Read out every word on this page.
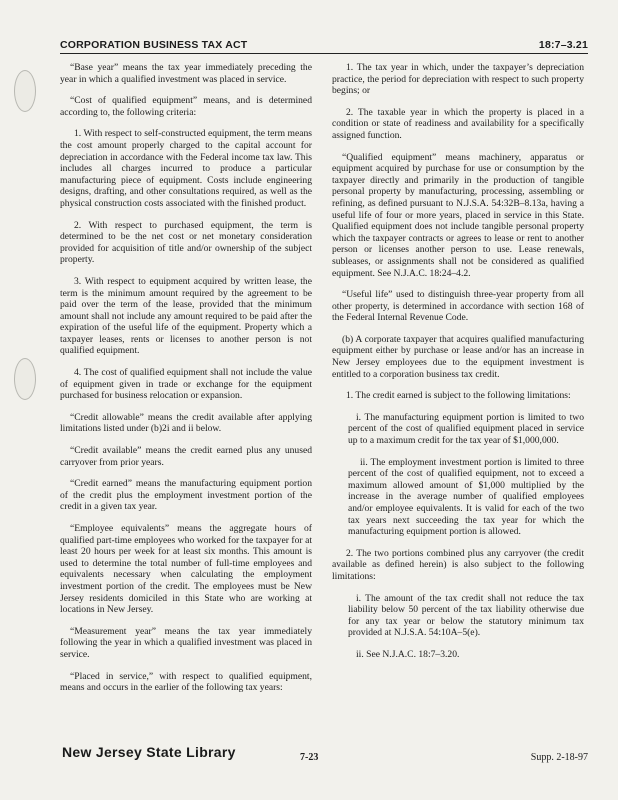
CORPORATION BUSINESS TAX ACT	18:7–3.21

“Base year” means the tax year immediately preceding the year in which a qualified investment was placed in service.

“Cost of qualified equipment” means, and is determined according to, the following criteria:

1. With respect to self-constructed equipment, the term means the cost amount properly charged to the capital account for depreciation in accordance with the Federal income tax law. This includes all charges incurred to produce a particular manufacturing piece of equipment. Costs include engineering designs, drafting, and other consultations required, as well as the physical construction costs associated with the finished product.

2. With respect to purchased equipment, the term is determined to be the net cost or net monetary consideration provided for acquisition of title and/or ownership of the subject property.

3. With respect to equipment acquired by written lease, the term is the minimum amount required by the agreement to be paid over the term of the lease, provided that the minimum amount shall not include any amount required to be paid after the expiration of the useful life of the equipment. Property which a taxpayer leases, rents or licenses to another person is not qualified equipment.

4. The cost of qualified equipment shall not include the value of equipment given in trade or exchange for the equipment purchased for business relocation or expansion.

“Credit allowable” means the credit available after applying limitations listed under (b)2i and ii below.

“Credit available” means the credit earned plus any unused carryover from prior years.

“Credit earned” means the manufacturing equipment portion of the credit plus the employment investment portion of the credit in a given tax year.

“Employee equivalents” means the aggregate hours of qualified part-time employees who worked for the taxpayer for at least 20 hours per week for at least six months. This amount is used to determine the total number of full-time employees and equivalents necessary when calculating the employment investment portion of the credit. The employees must be New Jersey residents domiciled in this State who are working at locations in New Jersey.

“Measurement year” means the tax year immediately following the year in which a qualified investment was placed in service.

“Placed in service,” with respect to qualified equipment, means and occurs in the earlier of the following tax years:

1. The tax year in which, under the taxpayer’s depreciation practice, the period for depreciation with respect to such property begins; or

2. The taxable year in which the property is placed in a condition or state of readiness and availability for a specifically assigned function.

“Qualified equipment” means machinery, apparatus or equipment acquired by purchase for use or consumption by the taxpayer directly and primarily in the production of tangible personal property by manufacturing, processing, assembling or refining, as defined pursuant to N.J.S.A. 54:32B–8.13a, having a useful life of four or more years, placed in service in this State. Qualified equipment does not include tangible personal property which the taxpayer contracts or agrees to lease or rent to another person or licenses another person to use. Lease renewals, subleases, or assignments shall not be considered as qualified equipment. See N.J.A.C. 18:24–4.2.

“Useful life” used to distinguish three-year property from all other property, is determined in accordance with section 168 of the Federal Internal Revenue Code.

(b) A corporate taxpayer that acquires qualified manufacturing equipment either by purchase or lease and/or has an increase in New Jersey employees due to the equipment investment is entitled to a corporation business tax credit.

1. The credit earned is subject to the following limitations:

i. The manufacturing equipment portion is limited to two percent of the cost of qualified equipment placed in service up to a maximum credit for the tax year of $1,000,000.

ii. The employment investment portion is limited to three percent of the cost of qualified equipment, not to exceed a maximum allowed amount of $1,000 multiplied by the increase in the average number of qualified employees and/or employee equivalents. It is valid for each of the two tax years next succeeding the tax year for which the manufacturing equipment portion is allowed.

2. The two portions combined plus any carryover (the credit available as defined herein) is also subject to the following limitations:

i. The amount of the tax credit shall not reduce the tax liability below 50 percent of the tax liability otherwise due for any tax year or below the statutory minimum tax provided at N.J.S.A. 54:10A–5(e).

ii. See N.J.A.C. 18:7–3.20.

New Jersey State Library	7-23	Supp. 2-18-97
